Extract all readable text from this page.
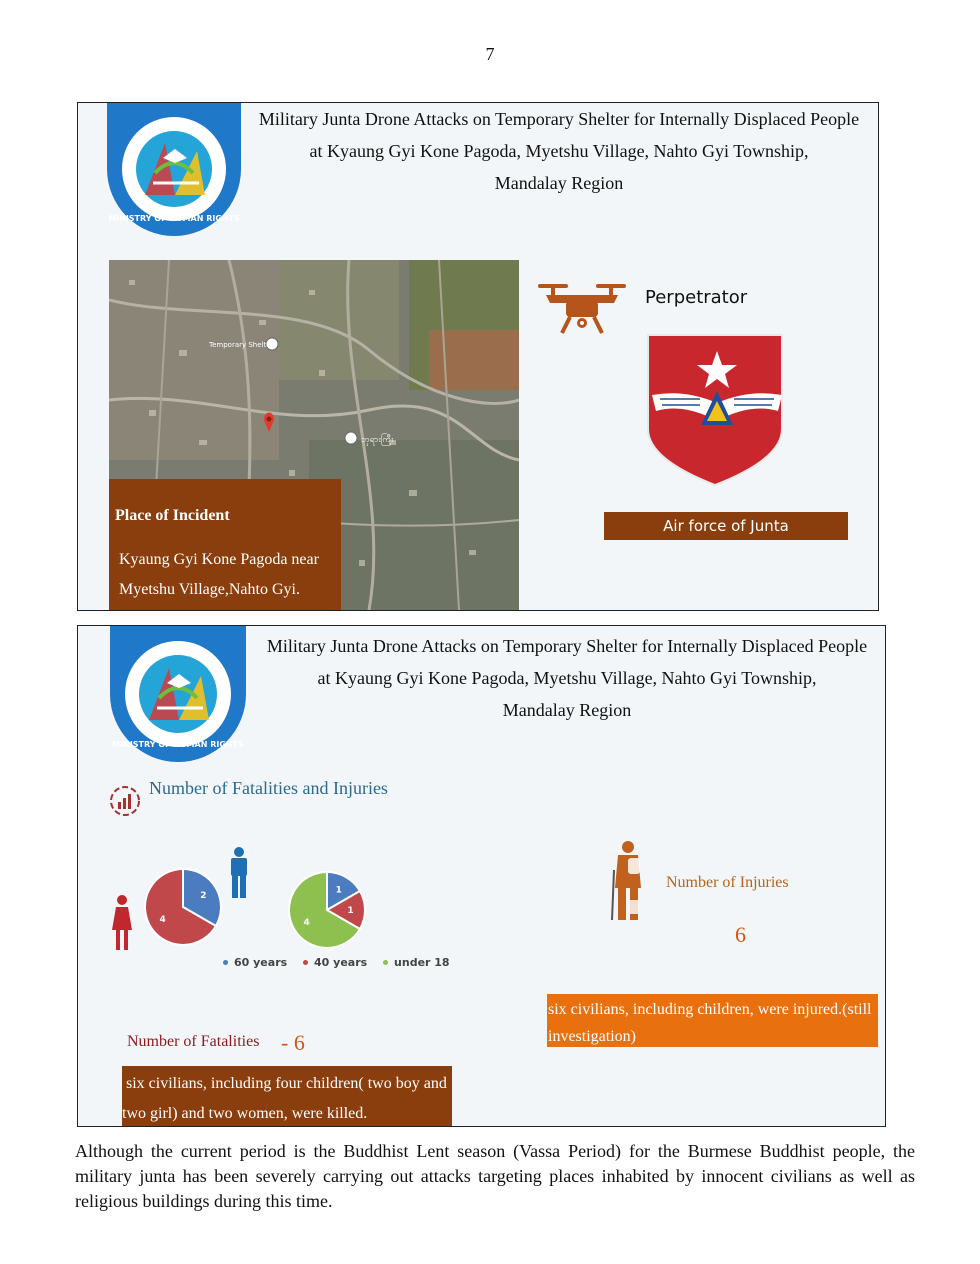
7
MINISTRY OF HUMAN RIGHTS
Military Junta Drone Attacks on Temporary Shelter for Internally Displaced People
at Kyaung Gyi Kone Pagoda, Myetshu Village, Nahto Gyi Township,
Mandalay Region
Temporary Shelter
ဘုရားကြီး
Place of Incident
Kyaung Gyi Kone Pagoda near
Myetshu Village,Nahto Gyi.
Perpetrator
Air force of Junta
MINISTRY OF HUMAN RIGHTS
Military Junta Drone Attacks on Temporary Shelter for Internally Displaced People
at Kyaung Gyi Kone Pagoda, Myetshu Village, Nahto Gyi Township,
Mandalay Region
Number of Fatalities and Injuries
2
4
1
1
4
60 years 40 years under 18
Number of Fatalities - 6
six civilians, including four children( two boy and
two girl) and two women, were killed.
Number of Injuries
6
six civilians, including children, were injured.(still
investigation)
Although the current period is the Buddhist Lent season (Vassa Period) for the Burmese Buddhist people, the military junta has been severely carrying out attacks targeting places inhabited by innocent civilians as well as religious buildings during this time.
